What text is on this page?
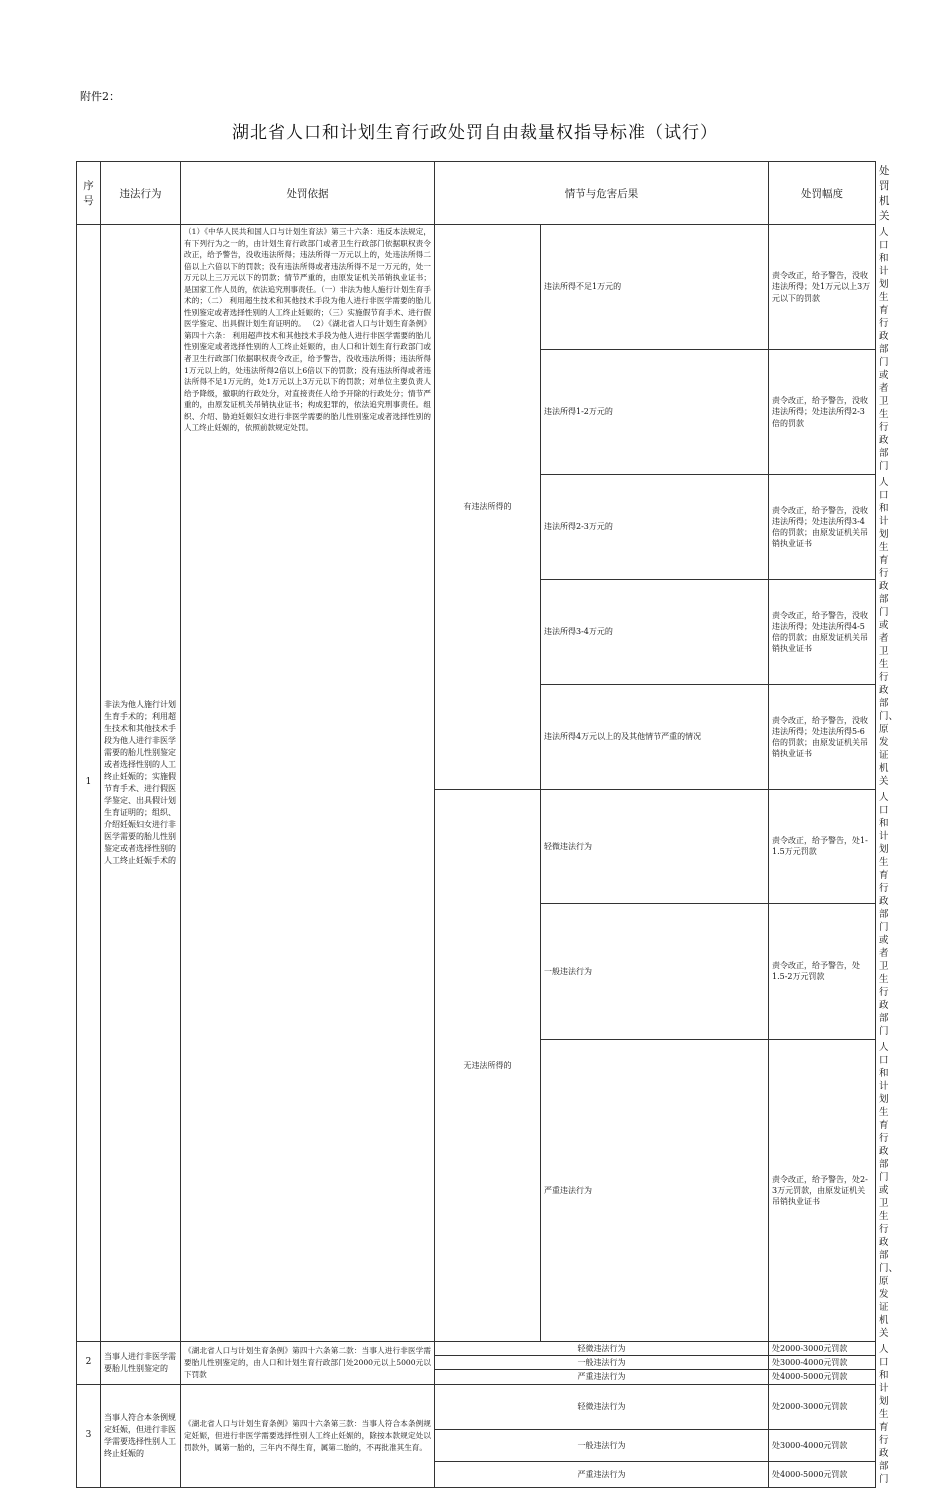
附件2：
湖北省人口和计划生育行政处罚自由裁量权指导标准（试行）
序号	违法行为	处罚依据	情节与危害后果		处罚幅度	处罚机关
1	非法为他人施行计划生育手术的；利用超生技术和其他技术手段为他人进行非医学需要的胎儿性别鉴定或者选择性别的人工终止妊娠的；实施假节育手术、进行假医学鉴定、出具假计划生育证明的；组织、介绍妊娠妇女进行非医学需要的胎儿性别鉴定或者选择性别的人工终止妊娠手术的	（1）《中华人民共和国人口与计划生育法》第三十六条：违反本法规定，有下列行为之一的，由计划生育行政部门或者卫生行政部门依据职权责令改正，给予警告，没收违法所得；违法所得一万元以上的，处违法所得二倍以上六倍以下的罚款；没有违法所得或者违法所得不足一万元的，处一万元以上三万元以下的罚款；情节严重的，由原发证机关吊销执业证书；是国家工作人员的，依法追究刑事责任。（一）非法为他人施行计划生育手术的；（二） 利用超生技术和其他技术手段为他人进行非医学需要的胎儿性别鉴定或者选择性别的人工终止妊娠的；（三）实施假节育手术、进行假医学鉴定、出具假计划生育证明的。 （2）《湖北省人口与计划生育条例》第四十六条： 利用超声技术和其他技术手段为他人进行非医学需要的胎儿性别鉴定或者选择性别的人工终止妊娠的，由人口和计划生育行政部门或者卫生行政部门依据职权责令改正，给予警告，没收违法所得；违法所得1万元以上的，处违法所得2倍以上6倍以下的罚款；没有违法所得或者违法所得不足1万元的，处1万元以上3万元以下的罚款；对单位主要负责人给予降级，撤职的行政处分，对直接责任人给予开除的行政处分；情节严重的，由原发证机关吊销执业证书；构成犯罪的，依法追究刑事责任。组织、介绍、胁迫妊娠妇女进行非医学需要的胎儿性别鉴定或者选择性别的人工终止妊娠的，依照前款规定处罚。	有违法所得的	违法所得不足1万元的	责令改正，给予警告，没收违法所得；处1万元以上3万元以下的罚款	人口和计划生育行政部门或者卫生行政部门
				违法所得1-2万元的	责令改正，给予警告，没收违法所得；处违法所得2-3倍的罚款	
				违法所得2-3万元的	责令改正，给予警告，没收违法所得；处违法所得3-4倍的罚款；由原发证机关吊销执业证书	人口和计划生育行政部门或者卫生行政部门、原发证机关
				违法所得3-4万元的	责令改正，给予警告，没收违法所得；处违法所得4-5倍的罚款；由原发证机关吊销执业证书	
				违法所得4万元以上的及其他情节严重的情况	责令改正，给予警告，没收违法所得；处违法所得5-6倍的罚款；由原发证机关吊销执业证书	
			无违法所得的	轻微违法行为	责令改正，给予警告，处1-1.5万元罚款	人口和计划生育行政部门或者卫生行政部门
				一般违法行为	责令改正，给予警告，处1.5-2万元罚款	
				严重违法行为	责令改正，给予警告，处2-3万元罚款，由原发证机关吊销执业证书	人口和计划生育行政部门或卫生行政部门、原发证机关
2	当事人进行非医学需要胎儿性别鉴定的	《湖北省人口与计划生育条例》第四十六条第二款：当事人进行非医学需要胎儿性别鉴定的，由人口和计划生育行政部门处2000元以上5000元以下罚款	轻微违法行为		处2000-3000元罚款	人口和计划生育行政部门
			一般违法行为		处3000-4000元罚款	
			严重违法行为		处4000-5000元罚款	
3	当事人符合本条例规定妊娠，但进行非医学需要选择性别人工终止妊娠的	《湖北省人口与计划生育条例》第四十六条第三款：当事人符合本条例规定妊娠，但进行非医学需要选择性别人工终止妊娠的，除按本款规定处以罚款外，属第一胎的，三年内不得生育，属第二胎的，不再批准其生育。	轻微违法行为		处2000-3000元罚款	
			一般违法行为		处3000-4000元罚款	
			严重违法行为		处4000-5000元罚款	
